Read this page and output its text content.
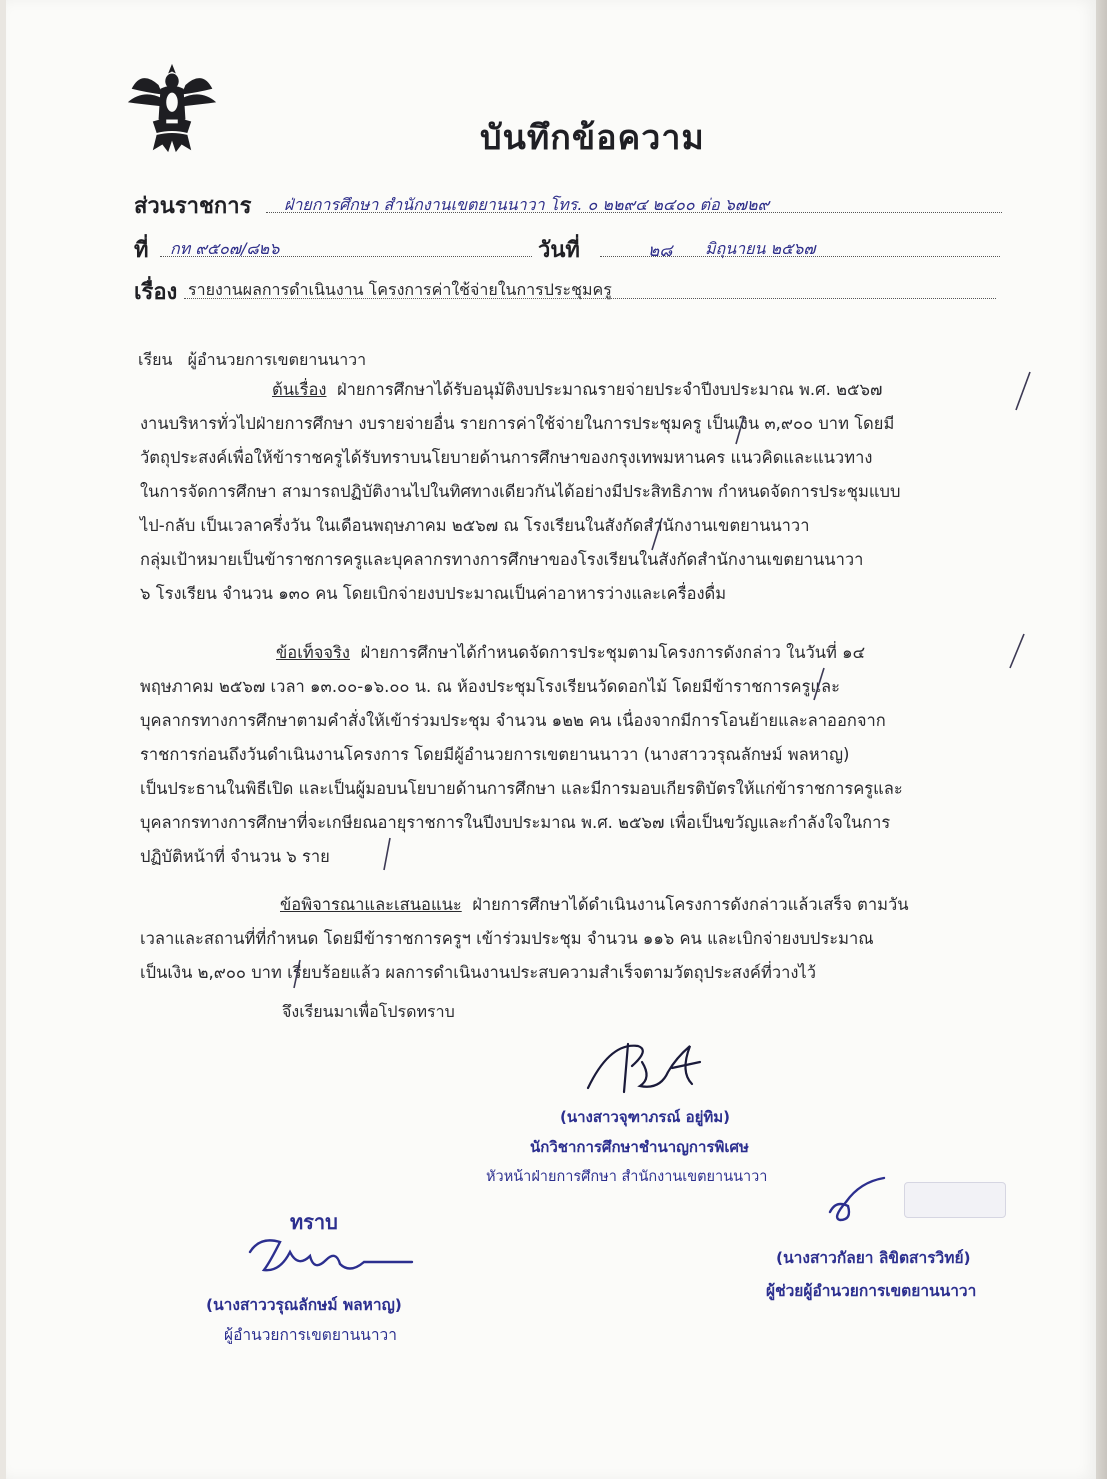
บันทึกข้อความ
ส่วนราชการ ฝ่ายการศึกษา สำนักงานเขตยานนาวา โทร. ๐ ๒๒๙๔ ๒๔๐๐ ต่อ ๖๗๒๙
ที่ กท ๙๕๐๗/๘๒๖	วันที่	๒๘ มิถุนายน ๒๕๖๗
เรื่อง รายงานผลการดำเนินงาน โครงการค่าใช้จ่ายในการประชุมครู
เรียน   ผู้อำนวยการเขตยานนาวา
ต้นเรื่อง ฝ่ายการศึกษาได้รับอนุมัติงบประมาณรายจ่ายประจำปีงบประมาณ พ.ศ. ๒๕๖๗
งานบริหารทั่วไปฝ่ายการศึกษา งบรายจ่ายอื่น รายการค่าใช้จ่ายในการประชุมครู เป็นเงิน ๓,๙๐๐ บาท โดยมี
วัตถุประสงค์เพื่อให้ข้าราชครูได้รับทราบนโยบายด้านการศึกษาของกรุงเทพมหานคร แนวคิดและแนวทาง
ในการจัดการศึกษา สามารถปฏิบัติงานไปในทิศทางเดียวกันได้อย่างมีประสิทธิภาพ กำหนดจัดการประชุมแบบ
ไป-กลับ เป็นเวลาครึ่งวัน ในเดือนพฤษภาคม ๒๕๖๗ ณ โรงเรียนในสังกัดสำนักงานเขตยานนาวา
กลุ่มเป้าหมายเป็นข้าราชการครูและบุคลากรทางการศึกษาของโรงเรียนในสังกัดสำนักงานเขตยานนาวา
๖ โรงเรียน จำนวน ๑๓๐ คน โดยเบิกจ่ายงบประมาณเป็นค่าอาหารว่างและเครื่องดื่ม
ข้อเท็จจริง ฝ่ายการศึกษาได้กำหนดจัดการประชุมตามโครงการดังกล่าว ในวันที่ ๑๔
พฤษภาคม ๒๕๖๗ เวลา ๑๓.๐๐-๑๖.๐๐ น. ณ ห้องประชุมโรงเรียนวัดดอกไม้ โดยมีข้าราชการครูและ
บุคลากรทางการศึกษาตามคำสั่งให้เข้าร่วมประชุม จำนวน ๑๒๒ คน เนื่องจากมีการโอนย้ายและลาออกจาก
ราชการก่อนถึงวันดำเนินงานโครงการ โดยมีผู้อำนวยการเขตยานนาวา (นางสาววรุณลักษม์ พลหาญ)
เป็นประธานในพิธีเปิด และเป็นผู้มอบนโยบายด้านการศึกษา และมีการมอบเกียรติบัตรให้แก่ข้าราชการครูและ
บุคลากรทางการศึกษาที่จะเกษียณอายุราชการในปีงบประมาณ พ.ศ. ๒๕๖๗ เพื่อเป็นขวัญและกำลังใจในการ
ปฏิบัติหน้าที่ จำนวน ๖ ราย
ข้อพิจารณาและเสนอแนะ ฝ่ายการศึกษาได้ดำเนินงานโครงการดังกล่าวแล้วเสร็จ ตามวัน
เวลาและสถานที่ที่กำหนด โดยมีข้าราชการครูฯ เข้าร่วมประชุม จำนวน ๑๑๖ คน และเบิกจ่ายงบประมาณ
เป็นเงิน ๒,๙๐๐ บาท เรียบร้อยแล้ว ผลการดำเนินงานประสบความสำเร็จตามวัตถุประสงค์ที่วางไว้
จึงเรียนมาเพื่อโปรดทราบ
(นางสาวจุฑาภรณ์ อยู่ทิม)
นักวิชาการศึกษาชำนาญการพิเศษ
หัวหน้าฝ่ายการศึกษา สำนักงานเขตยานนาวา
ทราบ
(นางสาววรุณลักษม์ พลหาญ)
ผู้อำนวยการเขตยานนาวา
(นางสาวกัลยา ลิขิตสารวิทย์)
ผู้ช่วยผู้อำนวยการเขตยานนาวา
